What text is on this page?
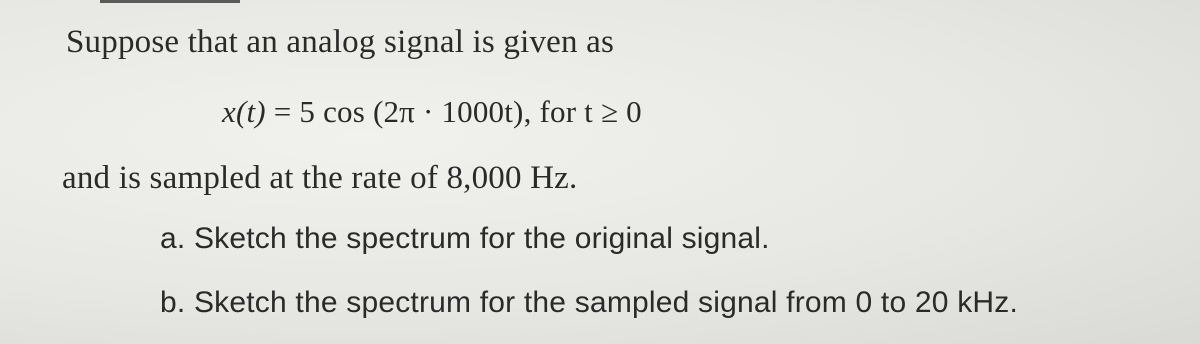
Suppose that an analog signal is given as
x(t) = 5 cos (2π · 1000t), for t ≥ 0
and is sampled at the rate of 8,000 Hz.
a. Sketch the spectrum for the original signal.
b. Sketch the spectrum for the sampled signal from 0 to 20 kHz.
